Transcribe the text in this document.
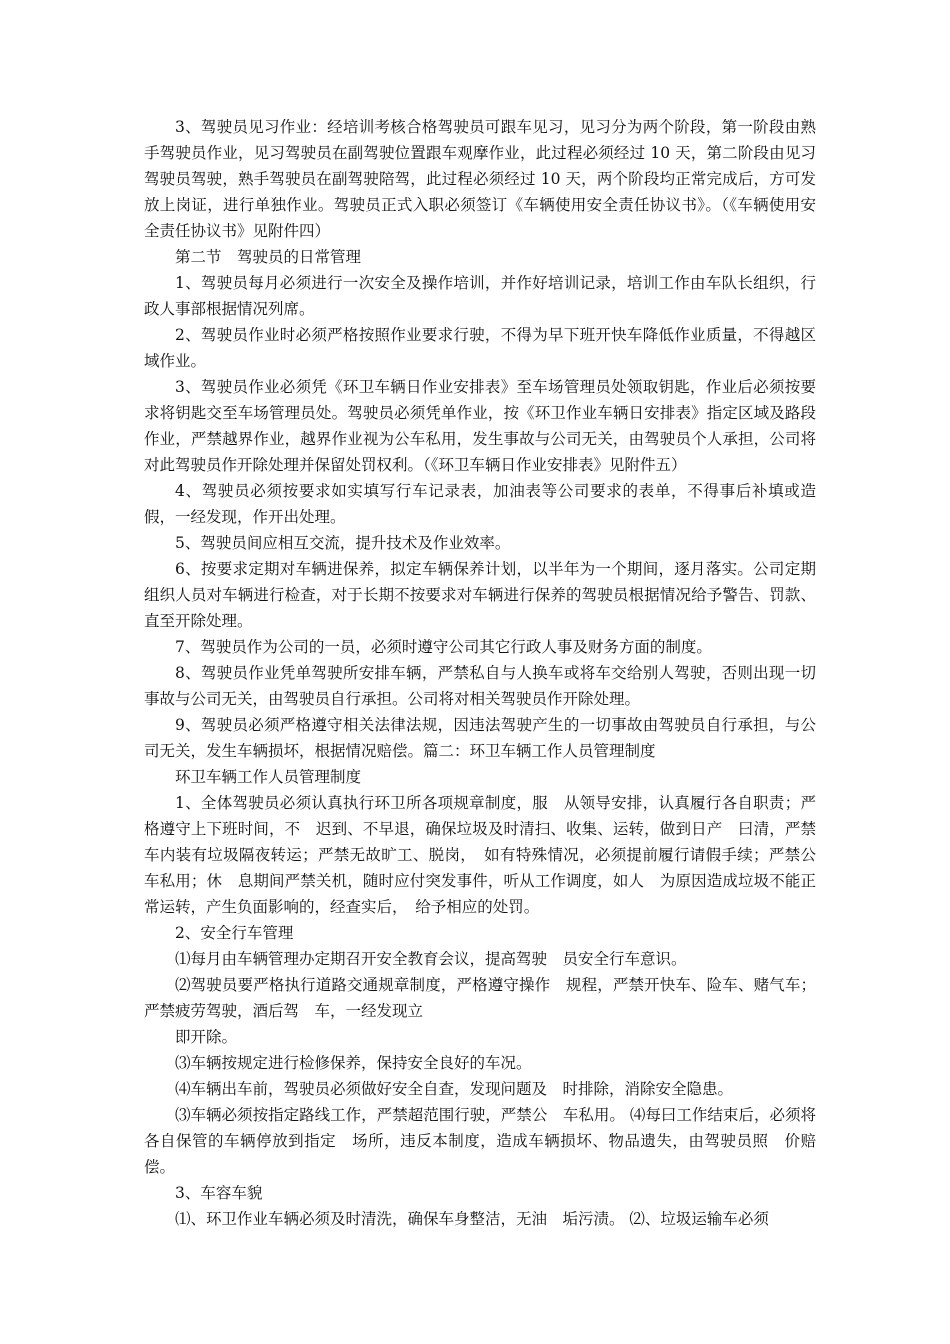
3、驾驶员见习作业：经培训考核合格驾驶员可跟车见习，见习分为两个阶段，第一阶段由熟手驾驶员作业，见习驾驶员在副驾驶位置跟车观摩作业，此过程必须经过 10 天，第二阶段由见习驾驶员驾驶，熟手驾驶员在副驾驶陪驾，此过程必须经过 10 天，两个阶段均正常完成后，方可发放上岗证，进行单独作业。驾驶员正式入职必须签订《车辆使用安全责任协议书》。（《车辆使用安全责任协议书》见附件四）

第二节　驾驶员的日常管理

1、驾驶员每月必须进行一次安全及操作培训，并作好培训记录，培训工作由车队长组织，行政人事部根据情况列席。

2、驾驶员作业时必须严格按照作业要求行驶，不得为早下班开快车降低作业质量，不得越区域作业。

3、驾驶员作业必须凭《环卫车辆日作业安排表》至车场管理员处领取钥匙，作业后必须按要求将钥匙交至车场管理员处。驾驶员必须凭单作业，按《环卫作业车辆日安排表》指定区域及路段作业，严禁越界作业，越界作业视为公车私用，发生事故与公司无关，由驾驶员个人承担，公司将对此驾驶员作开除处理并保留处罚权利。（《环卫车辆日作业安排表》见附件五）

4、驾驶员必须按要求如实填写行车记录表，加油表等公司要求的表单，不得事后补填或造假，一经发现，作开出处理。

5、驾驶员间应相互交流，提升技术及作业效率。

6、按要求定期对车辆进保养，拟定车辆保养计划，以半年为一个期间，逐月落实。公司定期组织人员对车辆进行检查，对于长期不按要求对车辆进行保养的驾驶员根据情况给予警告、罚款、直至开除处理。

7、驾驶员作为公司的一员，必须时遵守公司其它行政人事及财务方面的制度。

8、驾驶员作业凭单驾驶所安排车辆，严禁私自与人换车或将车交给别人驾驶，否则出现一切事故与公司无关，由驾驶员自行承担。公司将对相关驾驶员作开除处理。

9、驾驶员必须严格遵守相关法律法规，因违法驾驶产生的一切事故由驾驶员自行承担，与公司无关，发生车辆损坏，根据情况赔偿。篇二：环卫车辆工作人员管理制度

环卫车辆工作人员管理制度

1、全体驾驶员必须认真执行环卫所各项规章制度，服　从领导安排，认真履行各自职责；严格遵守上下班时间，不　迟到、不早退，确保垃圾及时清扫、收集、运转，做到日产　曰清，严禁车内装有垃圾隔夜转运；严禁无故旷工、脱岗，　如有特殊情况，必须提前履行请假手续；严禁公车私用；休　息期间严禁关机，随时应付突发事件，听从工作调度，如人　为原因造成垃圾不能正常运转，产生负面影响的，经查实后，　给予相应的处罚。

2、安全行车管理

⑴每月由车辆管理办定期召开安全教育会议，提高驾驶　员安全行车意识。

⑵驾驶员要严格执行道路交通规章制度，严格遵守操作　规程，严禁开快车、险车、赌气车；严禁疲劳驾驶，酒后驾　车，一经发现立

即开除。

⑶车辆按规定进行检修保养，保持安全良好的车况。

⑷车辆出车前，驾驶员必须做好安全自查，发现问题及　时排除，消除安全隐患。

⑶车辆必须按指定路线工作，严禁超范围行驶，严禁公　车私用。 ⑷每曰工作结束后，必须将各自保管的车辆停放到指定　场所，违反本制度，造成车辆损坏、物品遗失，由驾驶员照　价赔偿。

3、车容车貌

⑴、环卫作业车辆必须及时清洗，确保车身整洁，无油　垢污渍。 ⑵、垃圾运输车必须
